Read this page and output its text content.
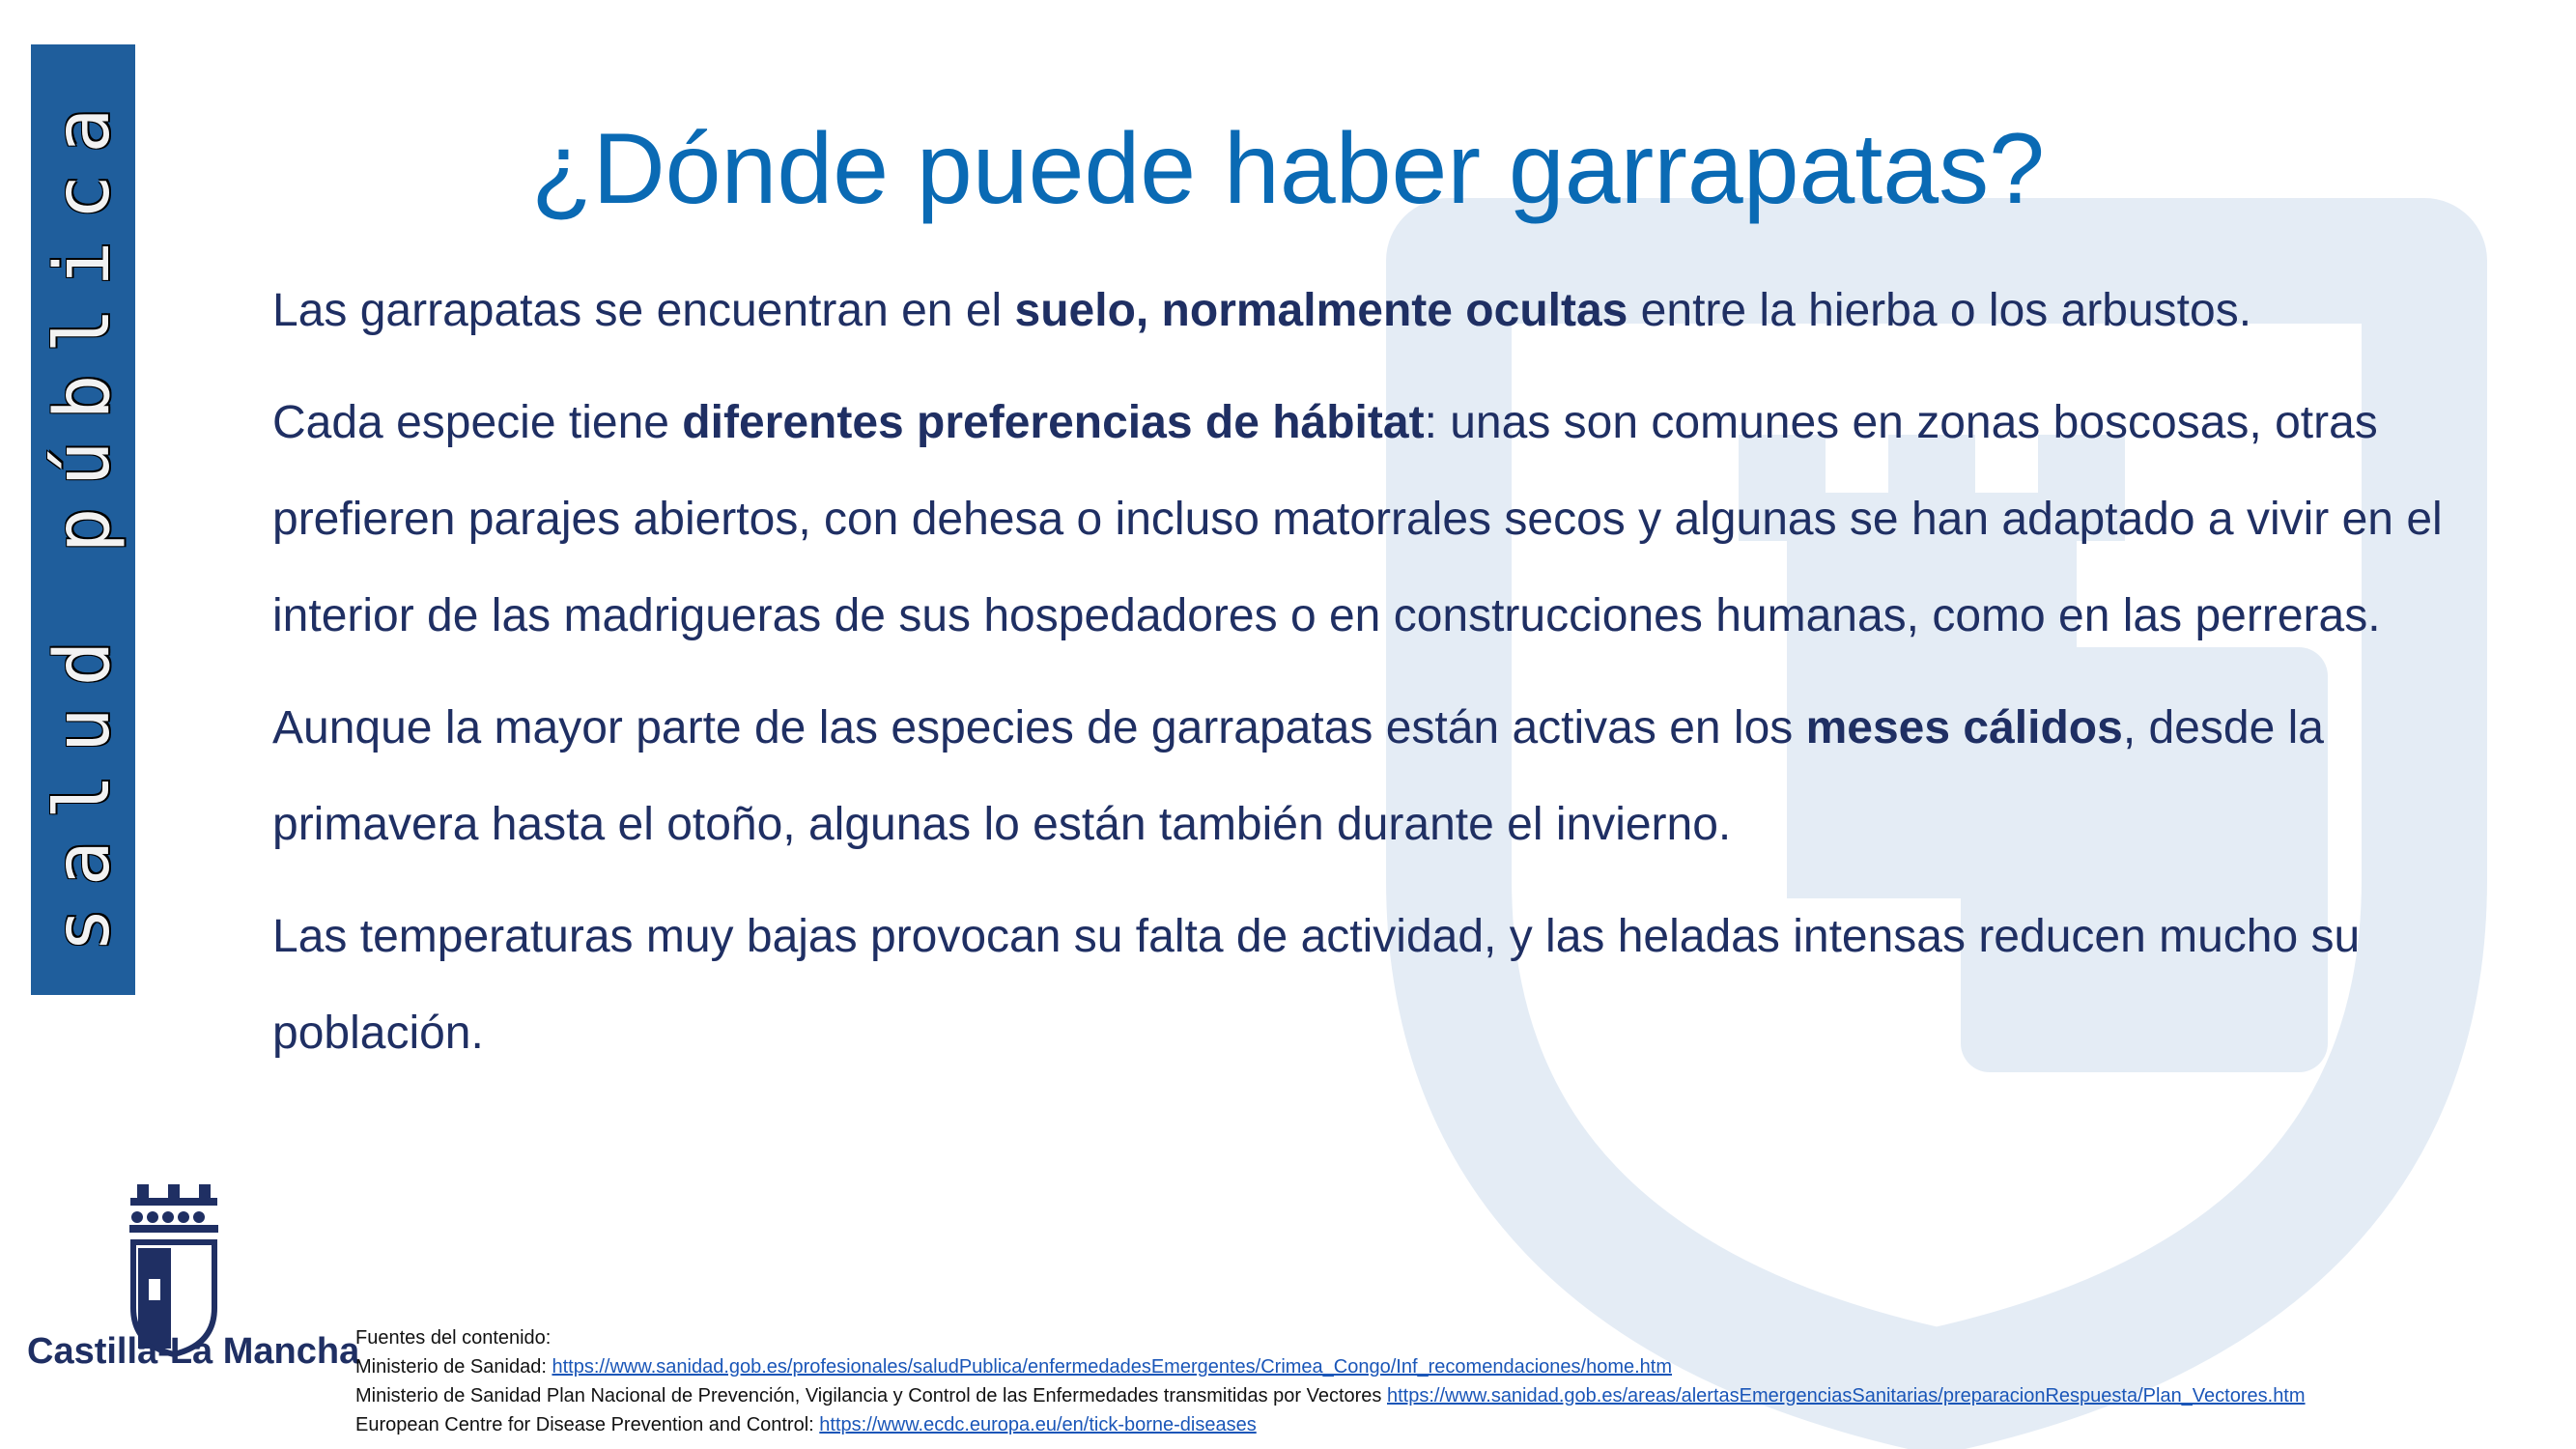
salud pública	¿Dónde puede haber garrapatas?

Las garrapatas se encuentran en el suelo, normalmente ocultas entre la hierba o los arbustos.

Cada especie tiene diferentes preferencias de hábitat: unas son comunes en zonas boscosas, otras prefieren parajes abiertos, con dehesa o incluso matorrales secos y algunas se han adaptado a vivir en el interior de las madrigueras de sus hospedadores o en construcciones humanas, como en las perreras.

Aunque la mayor parte de las especies de garrapatas están activas en los meses cálidos, desde la primavera hasta el otoño, algunas lo están también durante el invierno.

Las temperaturas muy bajas provocan su falta de actividad, y las heladas intensas reducen mucho su población.

Castilla-La Mancha
Fuentes del contenido:
Ministerio de Sanidad: https://www.sanidad.gob.es/profesionales/saludPublica/enfermedadesEmergentes/Crimea_Congo/Inf_recomendaciones/home.htm
Ministerio de Sanidad Plan Nacional de Prevención, Vigilancia y Control de las Enfermedades transmitidas por Vectores https://www.sanidad.gob.es/areas/alertasEmergenciasSanitarias/preparacionRespuesta/Plan_Vectores.htm
European Centre for Disease Prevention and Control: https://www.ecdc.europa.eu/en/tick-borne-diseases
